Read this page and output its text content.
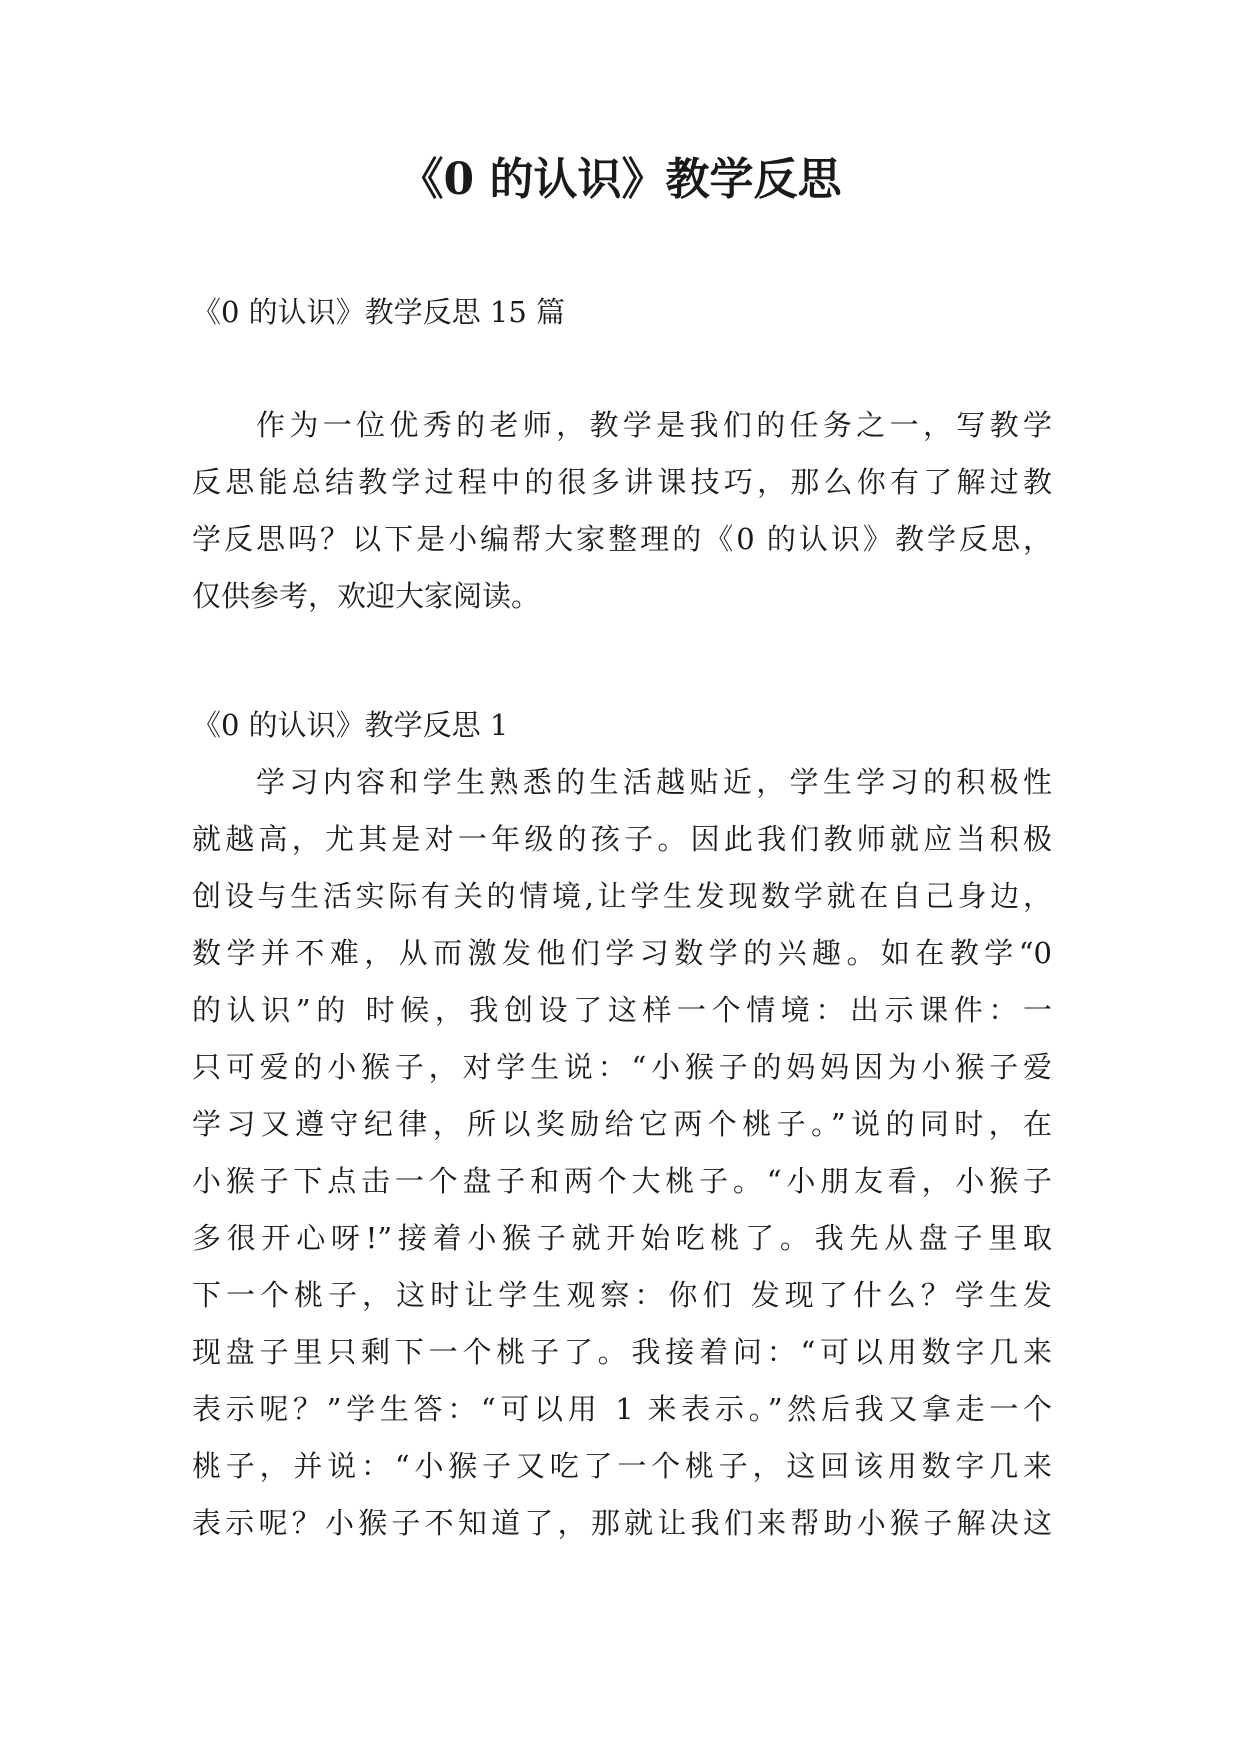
《0 的认识》教学反思

《0 的认识》教学反思 15 篇

作为一位优秀的老师，教学是我们的任务之一，写教学

反思能总结教学过程中的很多讲课技巧，那么你有了解过教

学反思吗？以下是小编帮大家整理的《0 的认识》教学反思，

仅供参考，欢迎大家阅读。

《0 的认识》教学反思 1

学习内容和学生熟悉的生活越贴近，学生学习的积极性

就越高，尤其是对一年级的孩子。因此我们教师就应当积极

创设与生活实际有关的情境,让学生发现数学就在自己身边，

数学并不难，从而激发他们学习数学的兴趣。如在教学“0

的认识”的 时候，我创设了这样一个情境：出示课件：一

只可爱的小猴子，对学生说：“小猴子的妈妈因为小猴子爱

学习又遵守纪律，所以奖励给它两个桃子。”说的同时，在

小猴子下点击一个盘子和两个大桃子。“小朋友看，小猴子

多很开心呀!”接着小猴子就开始吃桃了。我先从盘子里取

下一个桃子，这时让学生观察：你们 发现了什么？学生发

现盘子里只剩下一个桃子了。我接着问：“可以用数字几来

表示呢？”学生答：“可以用 1 来表示。”然后我又拿走一个

桃子，并说：“小猴子又吃了一个桃子，这回该用数字几来

表示呢？小猴子不知道了，那就让我们来帮助小猴子解决这
